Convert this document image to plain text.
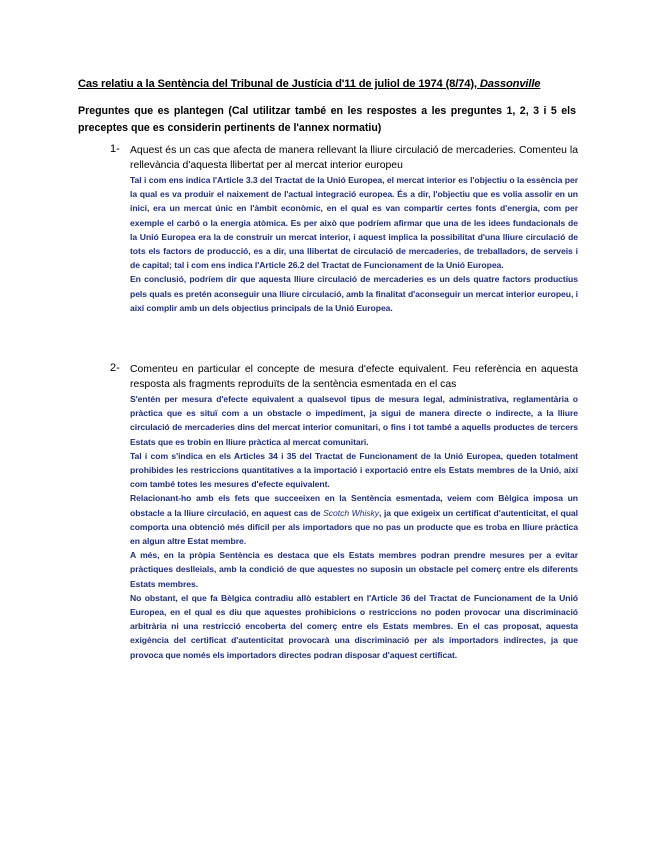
Cas relatiu a la Sentència del Tribunal de Justícia d'11 de juliol de 1974 (8/74), Dassonville
Preguntes que es plantegen (Cal utilitzar també en les respostes a les preguntes 1, 2, 3 i 5 els preceptes que es considerin pertinents de l'annex normatiu)
1- Aquest és un cas que afecta de manera rellevant la lliure circulació de mercaderies. Comenteu la rellevància d'aquesta llibertat per al mercat interior europeu

Tal i com ens indica l'Article 3.3 del Tractat de la Unió Europea, el mercat interior es l'objectiu o la essència per la qual es va produir el naixement de l'actual integració europea. És a dir, l'objectiu que es volia assolir en un inici, era un mercat únic en l'àmbit econòmic, en el qual es van compartir certes fonts d'energia, com per exemple el carbó o la energia atòmica. Es per això que podríem afirmar que una de les idees fundacionals de la Unió Europea era la de construir un mercat interior, i aquest implica la possibilitat d'una lliure circulació de tots els factors de producció, es a dir, una llibertat de circulació de mercaderies, de treballadors, de serveis i de capital; tal i com ens indica l'Article 26.2 del Tractat de Funcionament de la Unió Europea.

En conclusió, podríem dir que aquesta lliure circulació de mercaderies es un dels quatre factors productius pels quals es pretén aconseguir una lliure circulació, amb la finalitat d'aconseguir un mercat interior europeu, i així complir amb un dels objectius principals de la Unió Europea.

2- Comenteu en particular el concepte de mesura d'efecte equivalent. Feu referència en aquesta resposta als fragments reproduïts de la sentència esmentada en el cas

S'entén per mesura d'efecte equivalent a qualsevol tipus de mesura legal, administrativa, reglamentària o pràctica que es situï com a un obstacle o impediment, ja sigui de manera directe o indirecte, a la lliure circulació de mercaderies dins del mercat interior comunitari, o fins i tot també a aquells productes de tercers Estats que es trobin en lliure pràctica al mercat comunitari.

Tal i com s'indica en els Articles 34 i 35 del Tractat de Funcionament de la Unió Europea, queden totalment prohibides les restriccions quantitatives a la importació i exportació entre els Estats membres de la Unió, així com també totes les mesures d'efecte equivalent.

Relacionant-ho amb els fets que succeeixen en la Sentència esmentada, veiem com Bèlgica imposa un obstacle a la lliure circulació, en aquest cas de Scotch Whisky, ja que exigeix un certificat d'autenticitat, el qual comporta una obtenció més difícil per als importadors que no pas un producte que es troba en lliure pràctica en algun altre Estat membre.

A més, en la pròpia Sentència es destaca que els Estats membres podran prendre mesures per a evitar pràctiques deslleials, amb la condició de que aquestes no suposin un obstacle pel comerç entre els diferents Estats membres.

No obstant, el que fa Bèlgica contradiu allò establert en l'Article 36 del Tractat de Funcionament de la Unió Europea, en el qual es diu que aquestes prohibicions o restriccions no poden provocar una discriminació arbitrària ni una restricció encoberta del comerç entre els Estats membres. En el cas proposat, aquesta exigència del certificat d'autenticitat provocarà una discriminació per als importadors indirectes, ja que provoca que només els importadors directes podran disposar d'aquest certificat.
